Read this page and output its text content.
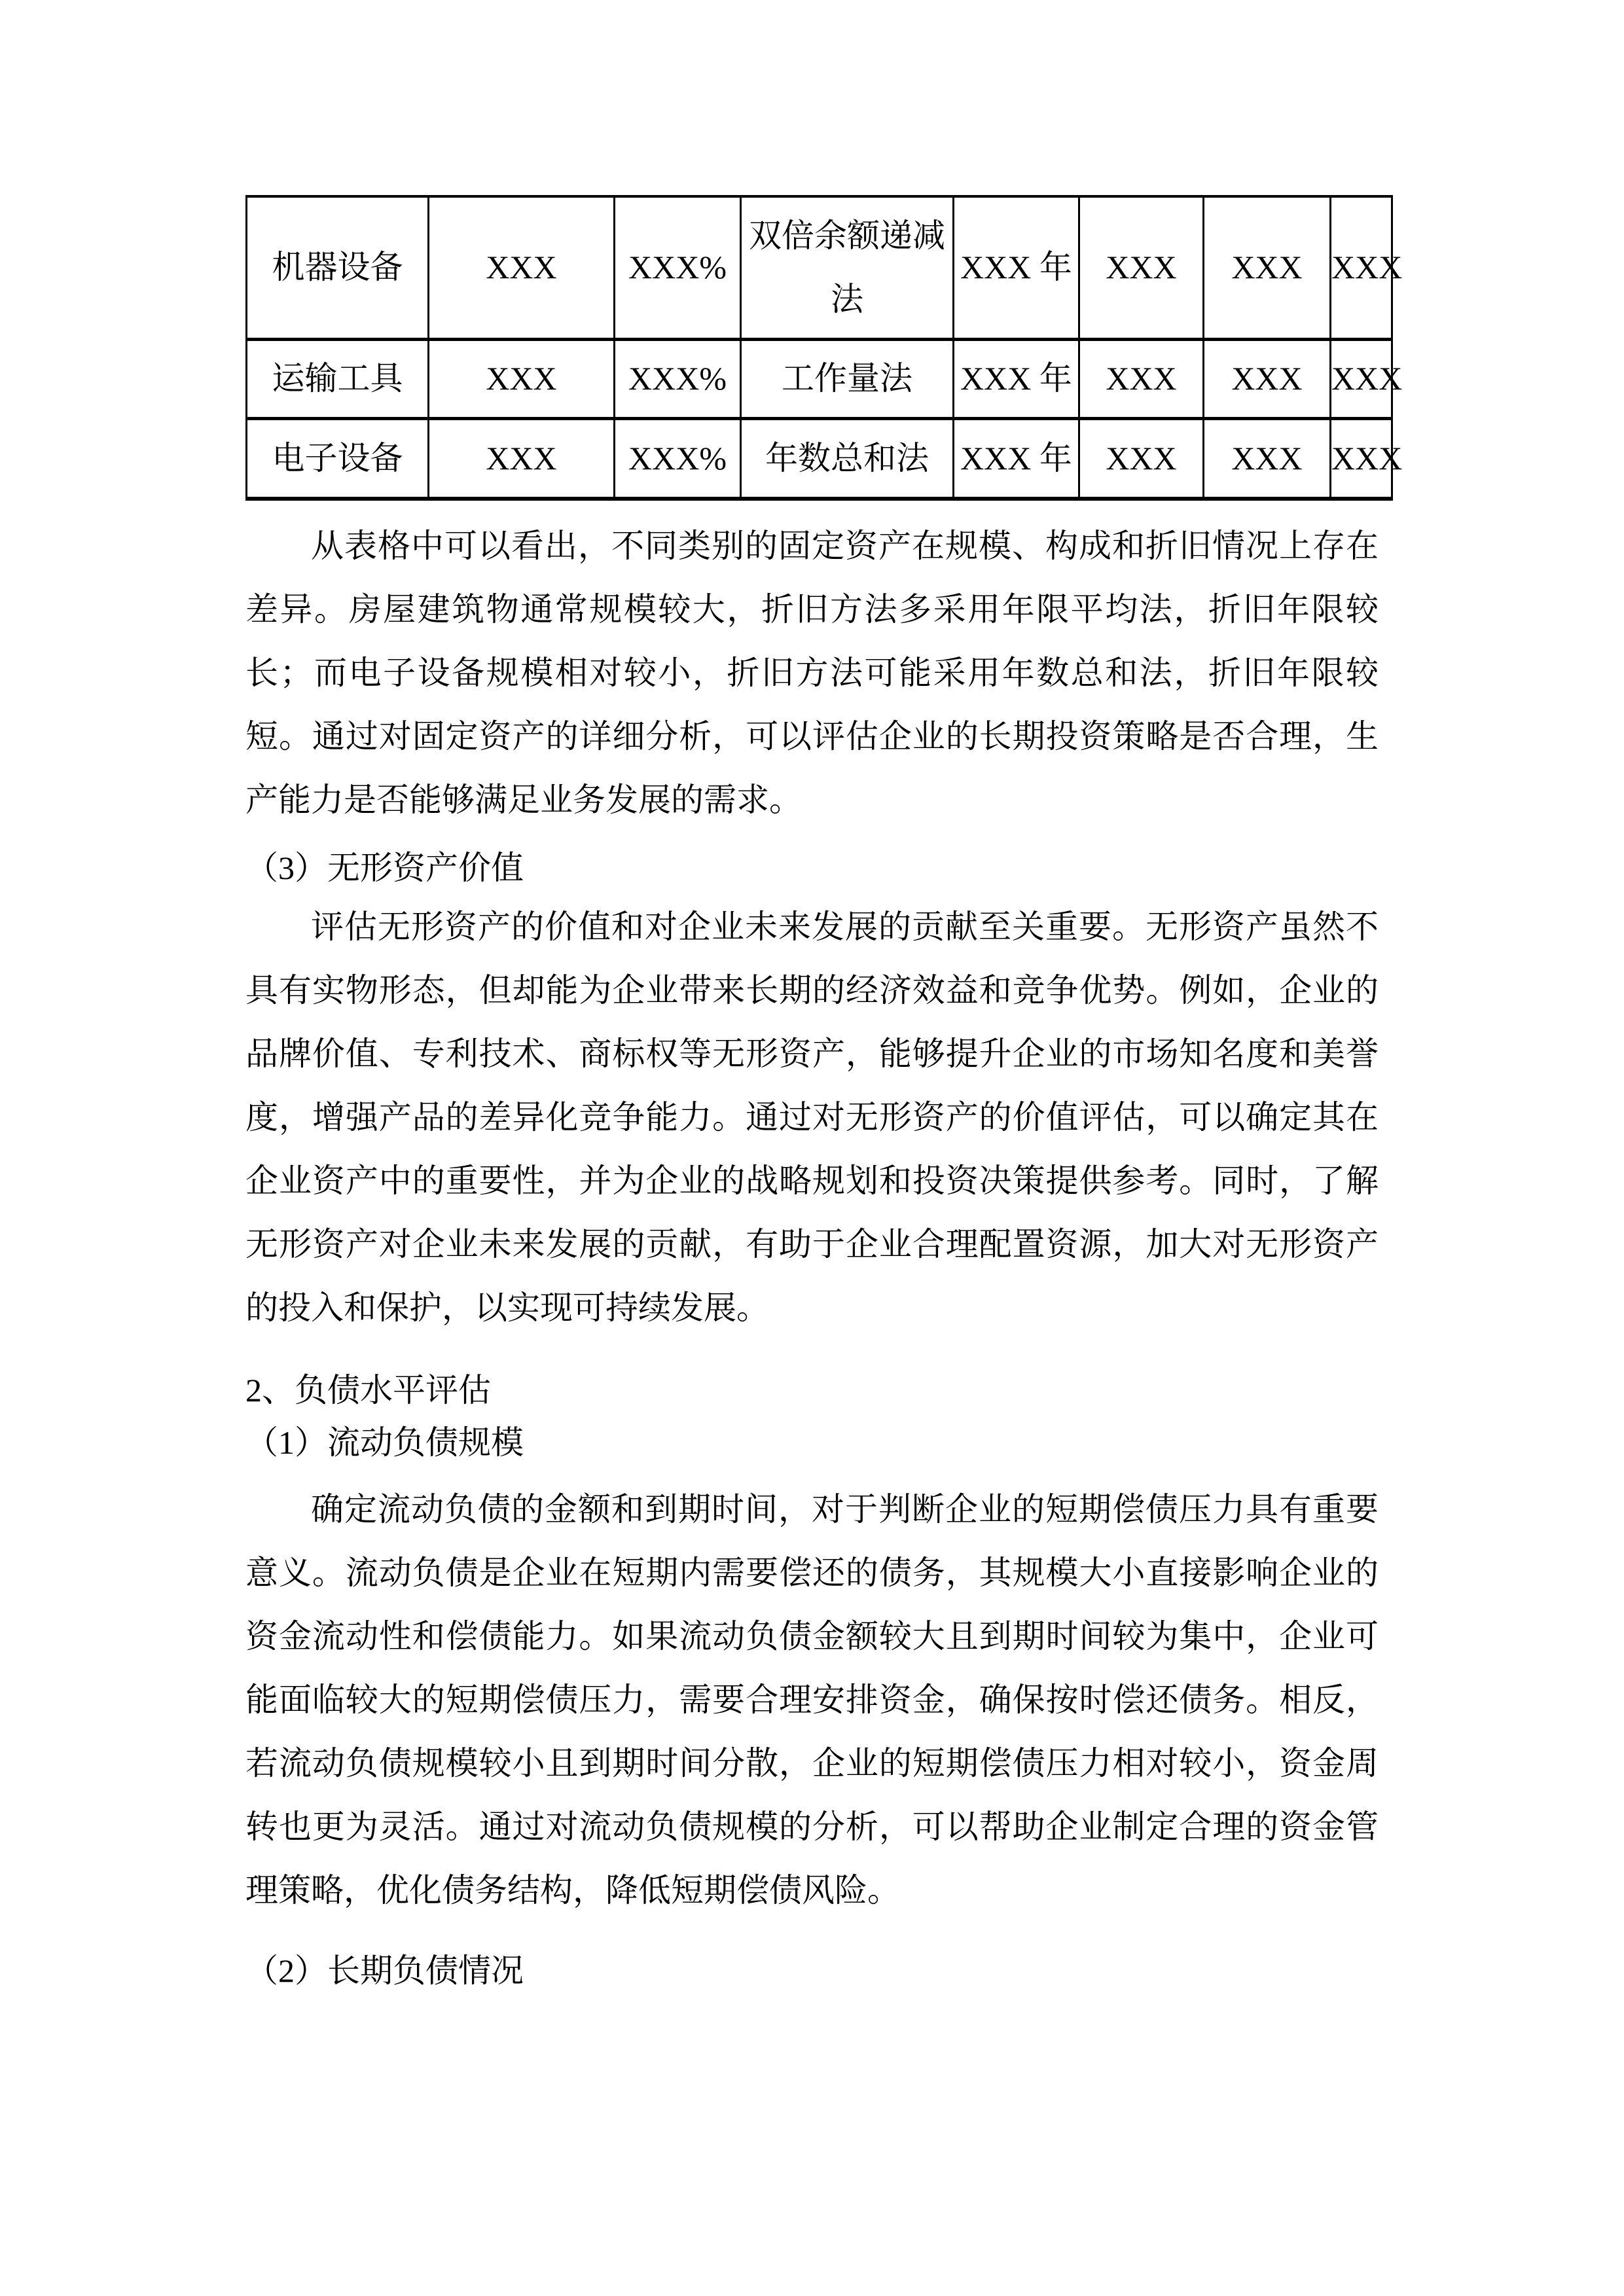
机器设备	XXX	XXX%	双倍余额递减法	XXX 年	XXX	XXX	XXX
运输工具	XXX	XXX%	工作量法	XXX 年	XXX	XXX	XXX
电子设备	XXX	XXX%	年数总和法	XXX 年	XXX	XXX	XXX
从表格中可以看出，不同类别的固定资产在规模、构成和折旧情况上存在
差异。房屋建筑物通常规模较大，折旧方法多采用年限平均法，折旧年限较
长；而电子设备规模相对较小，折旧方法可能采用年数总和法，折旧年限较
短。通过对固定资产的详细分析，可以评估企业的长期投资策略是否合理，生
产能力是否能够满足业务发展的需求。
（3）无形资产价值
评估无形资产的价值和对企业未来发展的贡献至关重要。无形资产虽然不
具有实物形态，但却能为企业带来长期的经济效益和竞争优势。例如，企业的
品牌价值、专利技术、商标权等无形资产，能够提升企业的市场知名度和美誉
度，增强产品的差异化竞争能力。通过对无形资产的价值评估，可以确定其在
企业资产中的重要性，并为企业的战略规划和投资决策提供参考。同时，了解
无形资产对企业未来发展的贡献，有助于企业合理配置资源，加大对无形资产
的投入和保护，以实现可持续发展。
2、负债水平评估
（1）流动负债规模
确定流动负债的金额和到期时间，对于判断企业的短期偿债压力具有重要
意义。流动负债是企业在短期内需要偿还的债务，其规模大小直接影响企业的
资金流动性和偿债能力。如果流动负债金额较大且到期时间较为集中，企业可
能面临较大的短期偿债压力，需要合理安排资金，确保按时偿还债务。相反，
若流动负债规模较小且到期时间分散，企业的短期偿债压力相对较小，资金周
转也更为灵活。通过对流动负债规模的分析，可以帮助企业制定合理的资金管
理策略，优化债务结构，降低短期偿债风险。
（2）长期负债情况
